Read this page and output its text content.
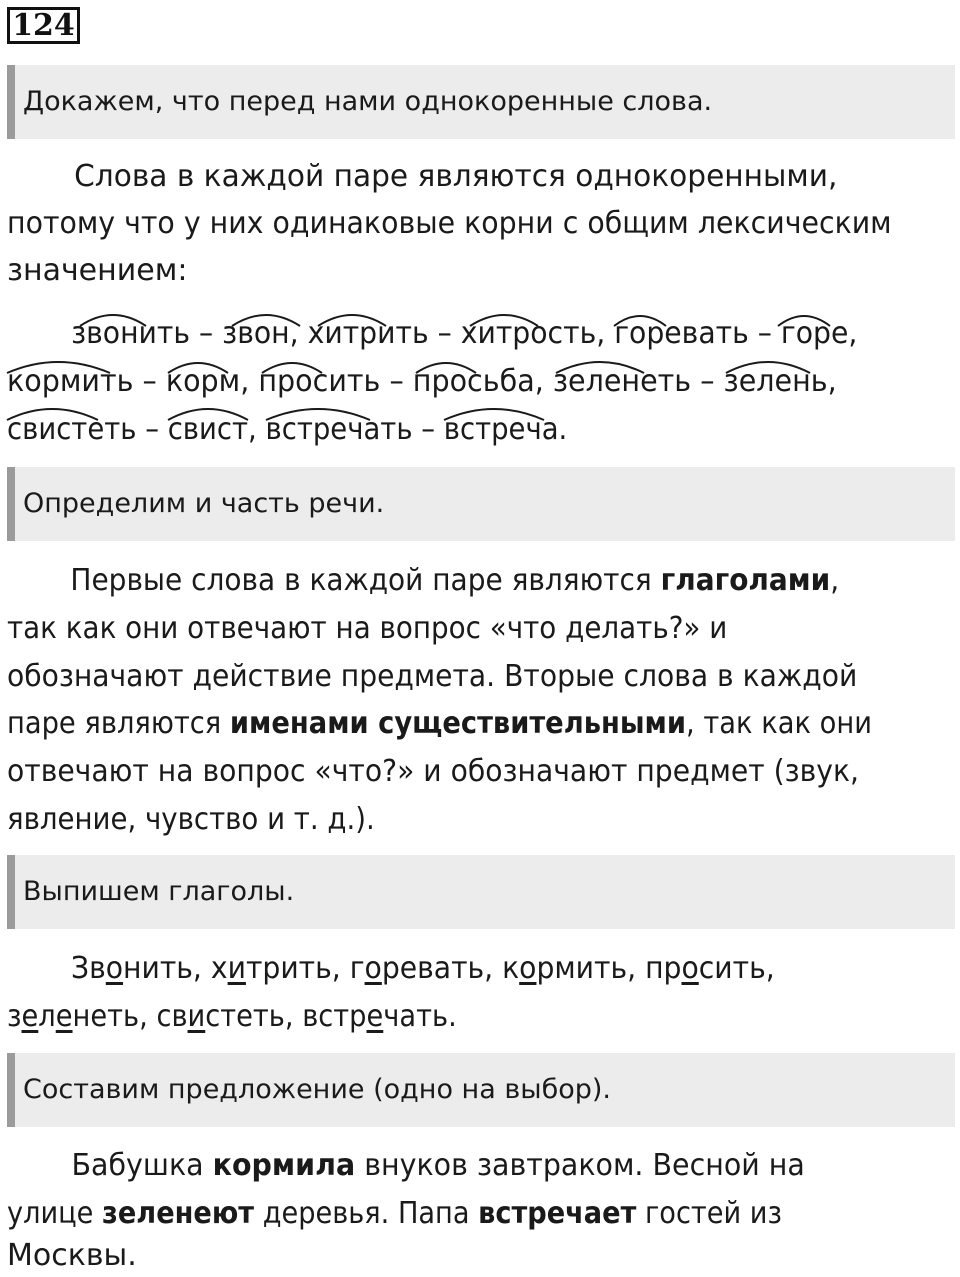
124
Докажем, что перед нами однокоренные слова.
Слова в каждой паре являются однокоренными,
потому что у них одинаковые корни с общим лексическим
значением:
звонить – звон, хитрить – хитрость, горевать – горе,
кормить – корм, просить – просьба, зеленеть – зелень,
свистеть – свист, встречать – встреча.
Определим и часть речи.
Первые слова в каждой паре являются глаголами,
так как они отвечают на вопрос «что делать?» и
обозначают действие предмета. Вторые слова в каждой
паре являются именами существительными, так как они
отвечают на вопрос «что?» и обозначают предмет (звук,
явление, чувство и т. д.).
Выпишем глаголы.
Звонить, хитрить, горевать, кормить, просить,
зеленеть, свистеть, встречать.
Составим предложение (одно на выбор).
Бабушка кормила внуков завтраком. Весной на
улице зеленеют деревья. Папа встречает гостей из
Москвы.
